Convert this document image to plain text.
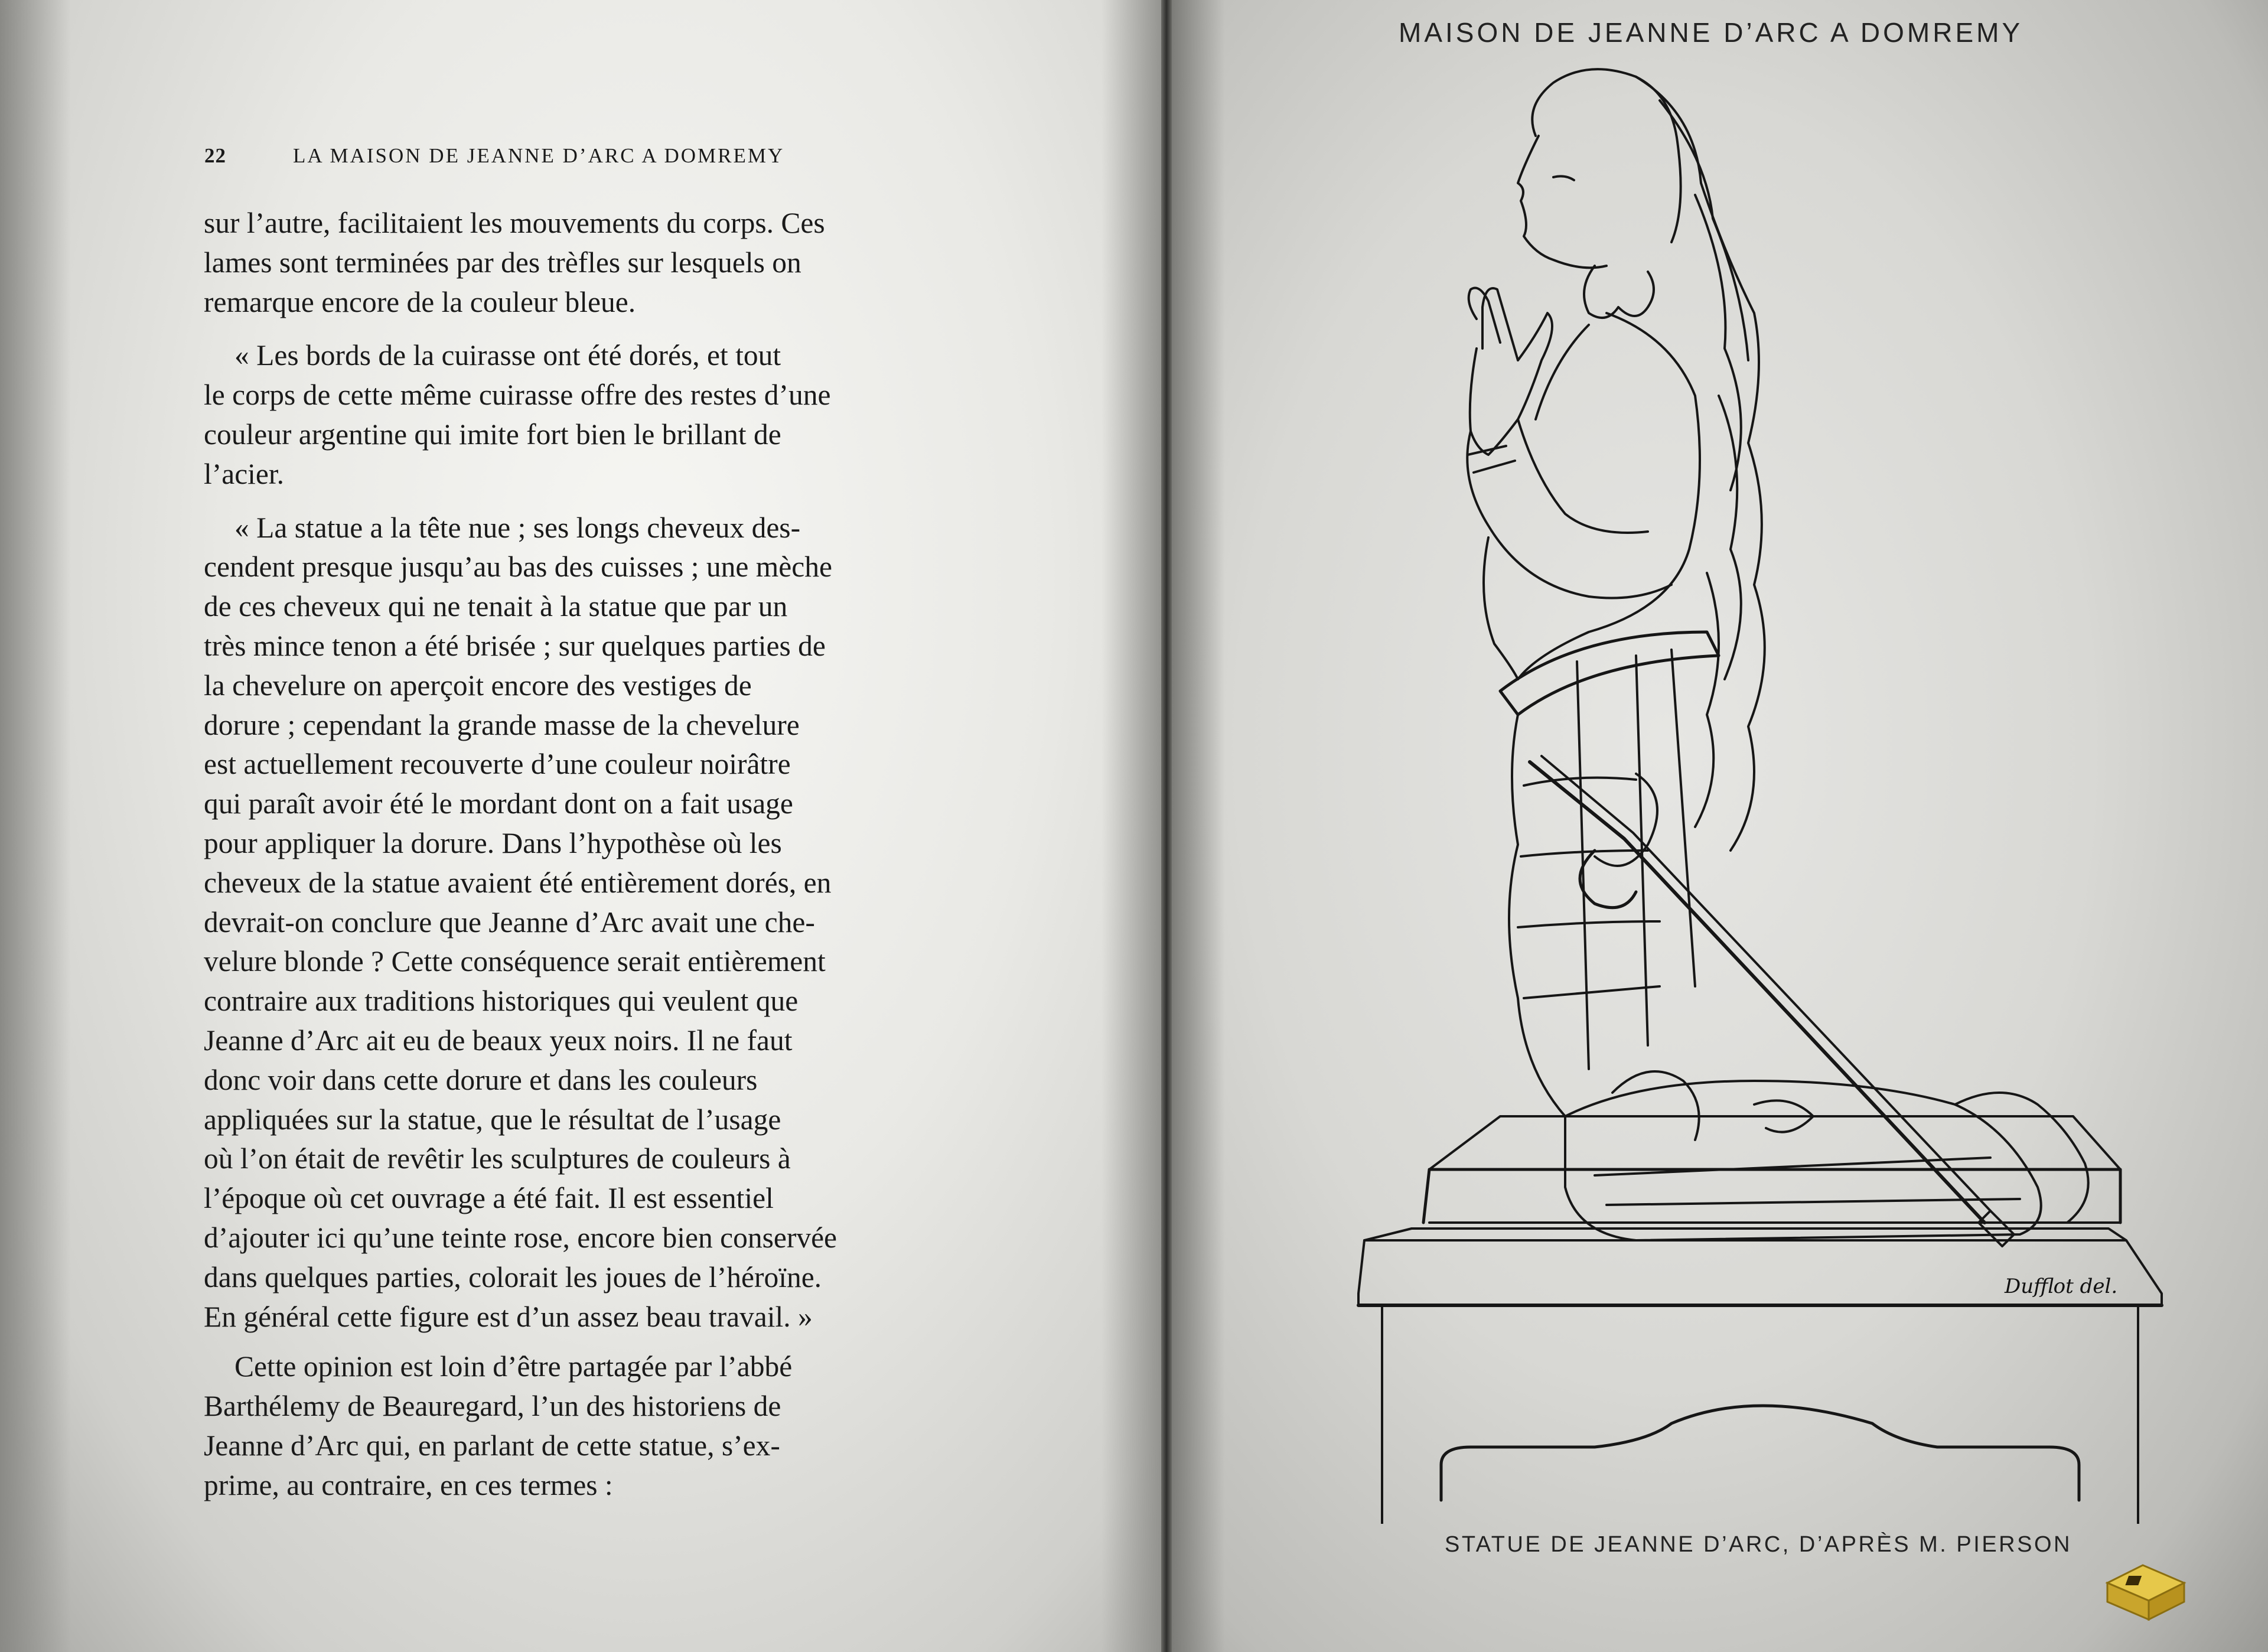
22	LA MAISON DE JEANNE D’ARC A DOMREMY

sur l’autre, facilitaient les mouvements du corps. Ces

lames sont terminées par des trèfles sur lesquels on

remarque encore de la couleur bleue.

« Les bords de la cuirasse ont été dorés, et tout

le corps de cette même cuirasse offre des restes d’une

couleur argentine qui imite fort bien le brillant de

l’acier.

« La statue a la tête nue ; ses longs cheveux des-

cendent presque jusqu’au bas des cuisses ; une mèche

de ces cheveux qui ne tenait à la statue que par un

très mince tenon a été brisée ; sur quelques parties de

la chevelure on aperçoit encore des vestiges de

dorure ; cependant la grande masse de la chevelure

est actuellement recouverte d’une couleur noirâtre

qui paraît avoir été le mordant dont on a fait usage

pour appliquer la dorure. Dans l’hypothèse où les

cheveux de la statue avaient été entièrement dorés, en

devrait-on conclure que Jeanne d’Arc avait une che-

velure blonde ? Cette conséquence serait entièrement

contraire aux traditions historiques qui veulent que

Jeanne d’Arc ait eu de beaux yeux noirs. Il ne faut

donc voir dans cette dorure et dans les couleurs

appliquées sur la statue, que le résultat de l’usage

où l’on était de revêtir les sculptures de couleurs à

l’époque où cet ouvrage a été fait. Il est essentiel

d’ajouter ici qu’une teinte rose, encore bien conservée

dans quelques parties, colorait les joues de l’héroïne.

En général cette figure est d’un assez beau travail. »

Cette opinion est loin d’être partagée par l’abbé

Barthélemy de Beauregard, l’un des historiens de

Jeanne d’Arc qui, en parlant de cette statue, s’ex-

prime, au contraire, en ces termes :

MAISON DE JEANNE D’ARC A DOMREMY
Dufflot del.
STATUE DE JEANNE D’ARC, D’APRÈS M. PIERSON
